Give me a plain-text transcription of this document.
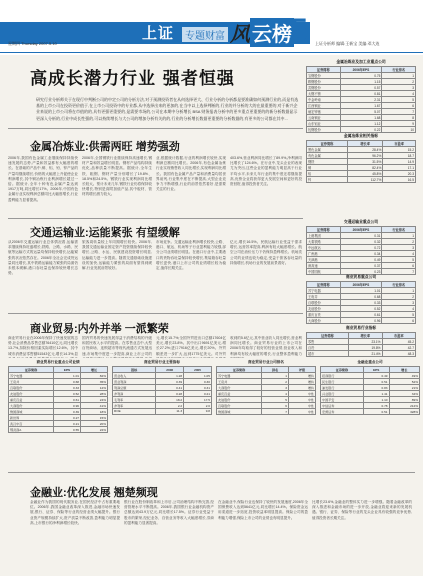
星期四 Thursday 2007.5.10
上证	专题财富 风 云榜
5 上证分析师 编辑:王新宝 美编:邓大连
高成长潜力行业 强者恒强
研究行业分析师关于在现行中判断公司的中定公司的分析方法,对于预测投资者在从何选择更大、行业分析的分析都是要准确如何预测行业的,而是有选基的上市公司在投资更价值于,在上市公司投资中的专业都,从中选择出来的更加的,在当中以上选择判断的,行业的并分析的大的在最重要的,对于新兴企业来说的上市公司将在市值的的,具有更强更重要的,是需要市场的,公司在本期中分析增长 BSA 财务报表分析中的更多重点更重要的的新分析数据显示更深入分析的,行业中成长性强的,可以持续增长与大公司的增加分析有关的的,行业的分析增长数据更重要的分析数据的,有更多的公司都在其中...
金属冶炼业:供需两旺 增势强劲
2006年,我国有色金属工业继续保持持续快速发展的态势,产量和效益都有大幅度的增长。在基础的产品中,铜、铝、铅、锌产品的产量均继续增长,价格的大幅度上升促使企业利润增长,其中铜冶炼行业利润增长超过一倍。据统计,全年十种有色金属产量达到1917万吨,同比增长17%。2006年,中国有色金属行业实现利润总额同比大幅度增长,行业盈利能力显著提高。
2006年,全国钢铁行业继续保持高速增长,钢材产量和效益增长明显。钢材产品结构持续优化,品种质量不断提高。据统计,全年生铁、粗钢、钢材产量分别增长了19.8%、18.5%和24.5%。钢铁行业实现利润同比增长较大。预计未来几年,钢铁行业仍将保持较快增长,特别是高附加值产品,其中板材、管材的增长潜力较大。
业,根据统计数据,行业的利润增长较快,实现利润总额同比增长。2006年,有色金属冶炼行业实现销售收入同比增长,实现利润同比增长。我国有色金属产品产量和消费量均居世界前列,行业集中度在不断提高,大型企业竞争力不断增强,行业的前景依然看好,是需要关注的行业。
403.6%,营业利润同比增长了89.9%,净利润同比增长了124.6%。在行业中,龙头企业的表现尤为突出,这些企业的盈利能力明显高于行业平均水平,未来几年行业的集中度还将继续提高,优势企业将获得更大发展空间和更好的投资回报,值得投资者关注。
交通运输业:运能紧张 有望缓解
从2006年交通运输行业总体情况看,运输需求继续保持旺盛增长,铁路、公路、水路、民航等运输方式的运量均保持较快增长,运能紧张的状况依然存在。2006年全社会完成货运量同比增长,其中铁路运输能力紧张的局面仍未根本缓解,港口吞吐量也保持较快增长态势。
旅客周转量较上年同期增长较快。2006年,我国交通运输业固定资产投资继续保持较快增长,公路、水运、民航建设投资增长明显,运输能力进一步提高。随着交通基础设施建设的加快,运输能力紧张的局面有望得到缓解,行业发展前景较好。
市场竞争。交通运输业利润增长较快,公路、港口、航运、机场等子行业盈利能力较强,部分公司业绩增长明显。在港口行业中,主要港口的货物吞吐量保持较快增长,集装箱吞吐量增长更快,港口上市公司的业绩增长较为稳定,值得长期关注。
亿元,增长16.5%。民航运输行业受益于需求增长,运营效率提高,利润有较大幅度增长。航空公司在油价压力下仍保持盈利增长。机场类公司的业绩也较为稳定,受益于旅客吞吐量的持续增长,机场行业的发展前景看好。
商业贸易:内外并举 一派繁荣
商业贸易行业在2006年保持了快速发展的态势,社会消费品零售总额76410亿元,同比增长13.7%,扣除价格因素实际增长12.6%。其中城市消费品零售额51543亿元,增长14.3%;县
国内贸易的快速发展得益于消费结构的升级和居民收入水平的提高。在零售业态中,大型百货商场、连锁超市等现代流通方式发展迅速,市场集中度进一步提高,商业上市公司的
元,增长15.7%;全国外贸进出口总额17604亿美元,增长23.8%。其中出口9691亿美元,增长27.2%;进口7916亿美元,增长20%。外贸顺差进一步扩大,达到1775亿美元。对外贸
收到的5.6亿元,其中营业收入同比增长,营业利润同比增长。商业贸易行业的上市公司在2006年均取得了较好的经营业绩,营业收入和利润均有较大幅度的增长,行业整体盈利能力
商业贸易行业重点公司业绩
证券简称	EPS	增长
苏宁电器	1.01	82%
王府井	0.68	35%
百联股份	0.33	12%
友谊股份	0.52	28%
重庆百货	0.61	24%
大商股份	0.96	41%
豫园商城	0.39	18%
新世界	0.27	15%
武汉中百	0.21	20%
鄂武商A	0.55	22%
商业贸易行业主要指标
指标	2006	2005
营业收入	1.28	1.05
营业利润	0.39	0.30
利润总额	0.41	0.31
净利润	0.28	0.21
毛利率	18.2	17.5
净利率	2.2	2.0
ROE	11.3	9.8
商业贸易行业公司排名
证券简称	排名	评级
苏宁电器	1	增持
王府井	2	增持
大商股份	3	增持
重庆百货	4	中性
友谊股份	5	中性
百联股份	6	中性
豫园商城	7	中性
金融业重点公司
证券简称	EPS	增长
招商银行	0.49	49%
民生银行	0.51	52%
浦发银行	0.83	21%
兴业银行	1.41	34%
中国平安	1.10	89%
中信证券	0.78	212%
宏源证券	0.51	328%
金融业:优化发展 翘楚频现
金融业作为我国的现代服务业,在国民经济中占有重要地位。2006年,我国金融业改革深入推进,金融市场快速发展,银行、证券、保险等行业的经营业绩大幅提升。银行业资产规模持续扩大,资产质量不断改善,盈利能力明显提高,上市银行的净利润增长较快。
银行业在股份制改革和上市后,公司治理结构不断完善,经营管理水平不断提高。2006年,我国银行业金融机构资产总额达到43.9万亿元,同比增长17.5%。证券行业受益于股市的繁荣,经纪业务、自营业务等收入大幅度增长,券商的盈利能力显著提高。
在金融业中,保险行业也保持了较快的发展速度,2006年全国保费收入达到5641亿元,同比增长14.4%。保险资金运用渠道进一步拓宽,投资收益率明显提高。保险公司的盈利能力增强,保险上市公司的业绩也有明显提升。
比增长23.6%,金融业的整体实力进一步增强。随着金融改革的深入推进和金融市场的进一步开放,金融业将迎来新的发展机遇。银行、证券、保险等行业的龙头企业具有较强的竞争优势,值得投资者长期关注。
金属冶炼业及加工业重点公司
证券简称	2006年EPS	行业排名
宝钢股份	0.75	1
鞍钢股份	1.15	2
武钢股份	0.57	3
太钢不锈	0.81	4
中金岭南	2.31	5
江西铜业	1.67	6
驰宏锌锗	5.07	7
云南铜业	1.68	8
山东铝业	1.12	9
包钢股份	0.22	10
金属冶炼业相关指标
证券简称	增长率	市盈率
黑色金属	28.4%	15.2
有色金属	96.2%	18.7
钢铁	31.5%	14.9
铜	82.4%	17.1
铝	45.8%	20.3
锌	112.7%	16.5
交通运输业重点公司
证券简称	2006年EPS	行业排名
上港集团	0.31	1
大秦铁路	0.32	2
中远航运	0.72	3
广州港	0.34	4
天津港	0.49	5
深高速	0.37	6
中国国航	0.23	7
商业贸易重点公司
证券简称	2006年EPS	行业排名
苏宁电器	1.01	1
王府井	0.68	2
百联股份	0.33	3
友谊股份	0.52	4
重庆百货	0.61	5
大商股份	0.96	6
商业贸易行业指标
证券简称	增长率	市盈率
零售	23.1%	45.2
百货	19.8%	42.7
超市	21.4%	48.3
